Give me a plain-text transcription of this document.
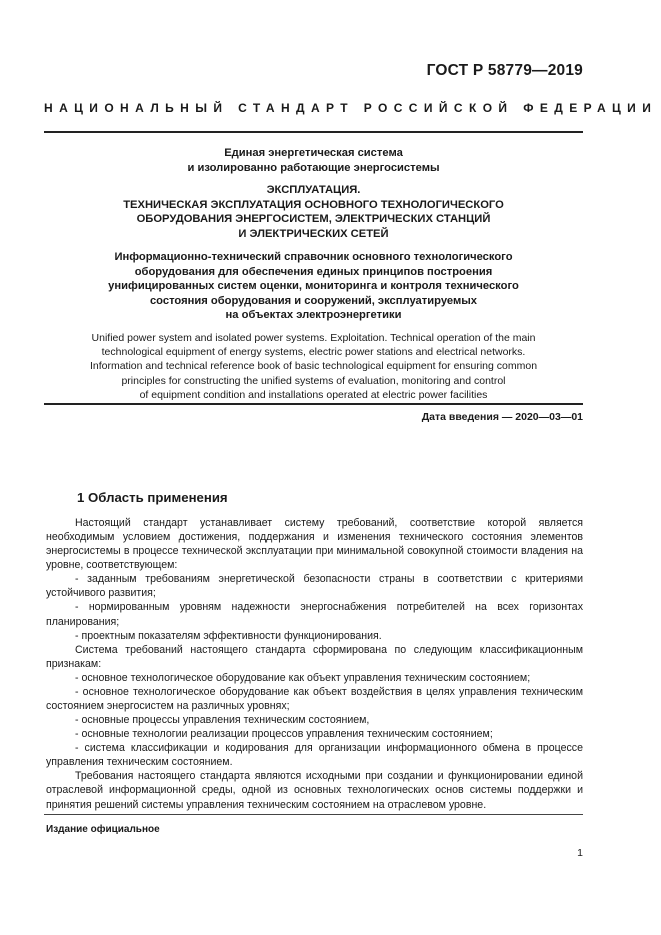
ГОСТ Р 58779—2019
НАЦИОНАЛЬНЫЙ СТАНДАРТ РОССИЙСКОЙ ФЕДЕРАЦИИ
Единая энергетическая система
и изолированно работающие энергосистемы
ЭКСПЛУАТАЦИЯ.
ТЕХНИЧЕСКАЯ ЭКСПЛУАТАЦИЯ ОСНОВНОГО ТЕХНОЛОГИЧЕСКОГО
ОБОРУДОВАНИЯ ЭНЕРГОСИСТЕМ, ЭЛЕКТРИЧЕСКИХ СТАНЦИЙ
И ЭЛЕКТРИЧЕСКИХ СЕТЕЙ
Информационно-технический справочник основного технологического
оборудования для обеспечения единых принципов построения
унифицированных систем оценки, мониторинга и контроля технического
состояния оборудования и сооружений, эксплуатируемых
на объектах электроэнергетики
Unified power system and isolated power systems. Exploitation. Technical operation of the main
technological equipment of energy systems, electric power stations and electrical networks.
Information and technical reference book of basic technological equipment for ensuring common
principles for constructing the unified systems of evaluation, monitoring and control
of equipment condition and installations operated at electric power facilities
Дата введения — 2020—03—01
1 Область применения

Настоящий стандарт устанавливает систему требований, соответствие которой является необходимым условием достижения, поддержания и изменения технического состояния элементов энергосистемы в процессе технической эксплуатации при минимальной совокупной стоимости владения на уровне, соответствующем:

- заданным требованиям энергетической безопасности страны в соответствии с критериями устойчивого развития;

- нормированным уровням надежности энергоснабжения потребителей на всех горизонтах планирования;

- проектным показателям эффективности функционирования.

Система требований настоящего стандарта сформирована по следующим классификационным признакам:

- основное технологическое оборудование как объект управления техническим состоянием;

- основное технологическое оборудование как объект воздействия в целях управления техническим состоянием энергосистем на различных уровнях;

- основные процессы управления техническим состоянием,

- основные технологии реализации процессов управления техническим состоянием;

- система классификации и кодирования для организации информационного обмена в процессе управления техническим состоянием.

Требования настоящего стандарта являются исходными при создании и функционировании единой отраслевой информационной среды, одной из основных технологических основ системы поддержки и принятия решений системы управления техническим состоянием на отраслевом уровне.

Издание официальное
1
